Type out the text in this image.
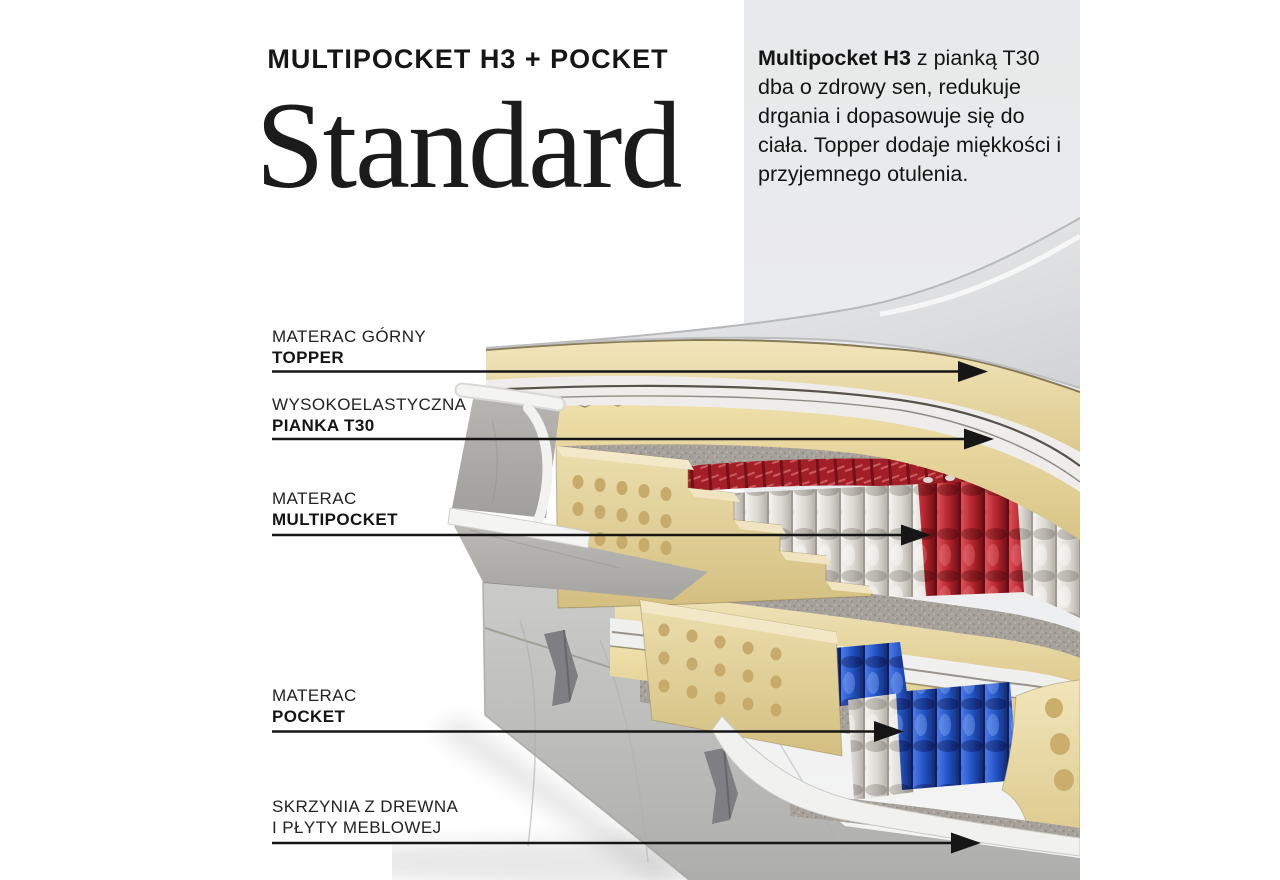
MULTIPOCKET H3 + POCKET
Standard
Multipocket H3 z pianką T30 dba o zdrowy sen, redukuje drgania i dopasowuje się do ciała. Topper dodaje miękkości i przyjemnego otulenia.
MATERAC GÓRNY
TOPPER
WYSOKOELASTYCZNA
PIANKA T30
MATERAC
MULTIPOCKET
MATERAC
POCKET
SKRZYNIA Z DREWNA
I PŁYTY MEBLOWEJ
